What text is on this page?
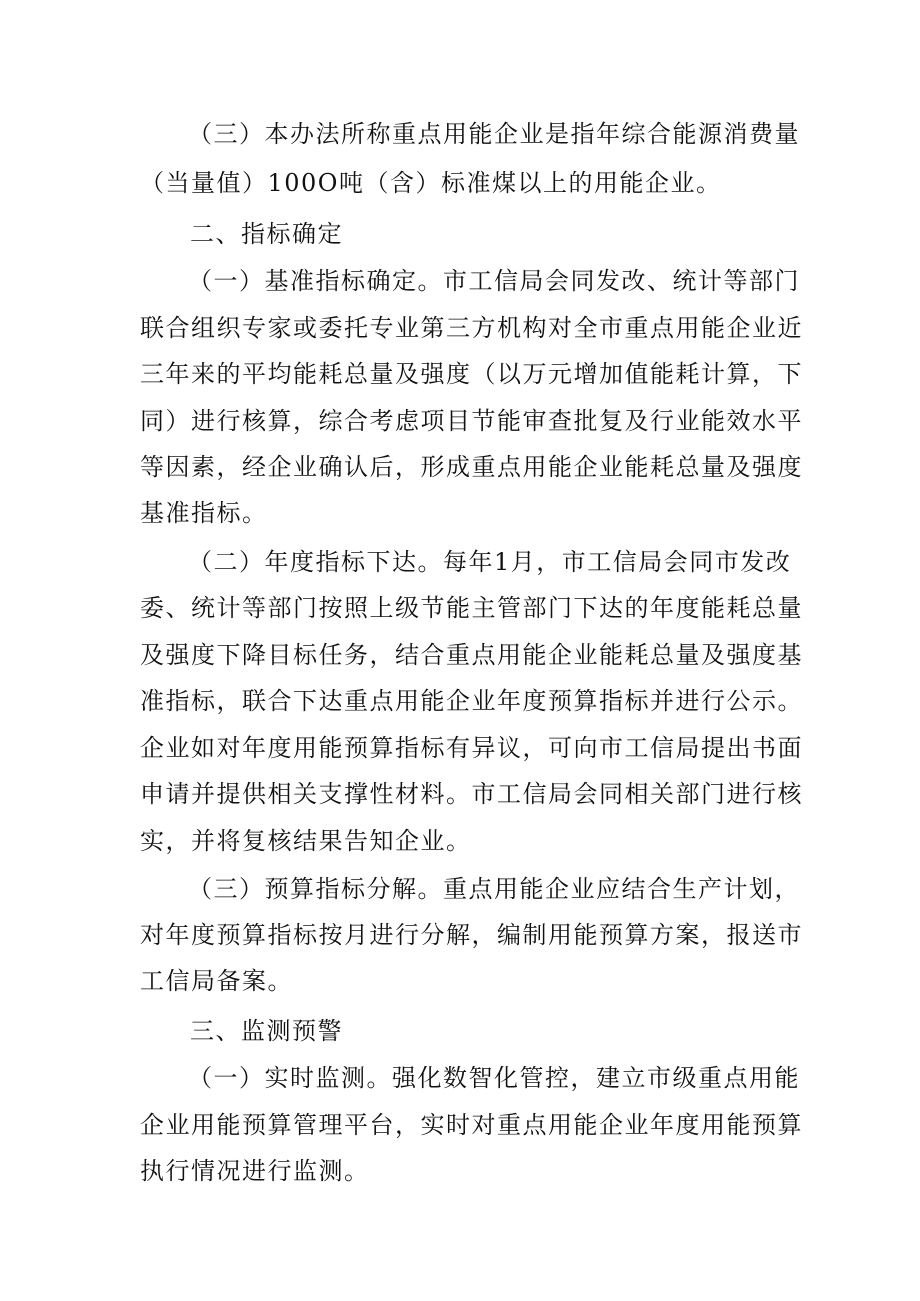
（三）本办法所称重点用能企业是指年综合能源消费量
（当量值）100O吨（含）标准煤以上的用能企业。
二、指标确定
（一）基准指标确定。市工信局会同发改、统计等部门
联合组织专家或委托专业第三方机构对全市重点用能企业近
三年来的平均能耗总量及强度（以万元增加值能耗计算，下
同）进行核算，综合考虑项目节能审查批复及行业能效水平
等因素，经企业确认后，形成重点用能企业能耗总量及强度
基准指标。
（二）年度指标下达。每年1月，市工信局会同市发改
委、统计等部门按照上级节能主管部门下达的年度能耗总量
及强度下降目标任务，结合重点用能企业能耗总量及强度基
准指标，联合下达重点用能企业年度预算指标并进行公示。
企业如对年度用能预算指标有异议，可向市工信局提出书面
申请并提供相关支撑性材料。市工信局会同相关部门进行核
实，并将复核结果告知企业。
（三）预算指标分解。重点用能企业应结合生产计划，
对年度预算指标按月进行分解，编制用能预算方案，报送市
工信局备案。
三、监测预警
（一）实时监测。强化数智化管控，建立市级重点用能
企业用能预算管理平台，实时对重点用能企业年度用能预算
执行情况进行监测。
